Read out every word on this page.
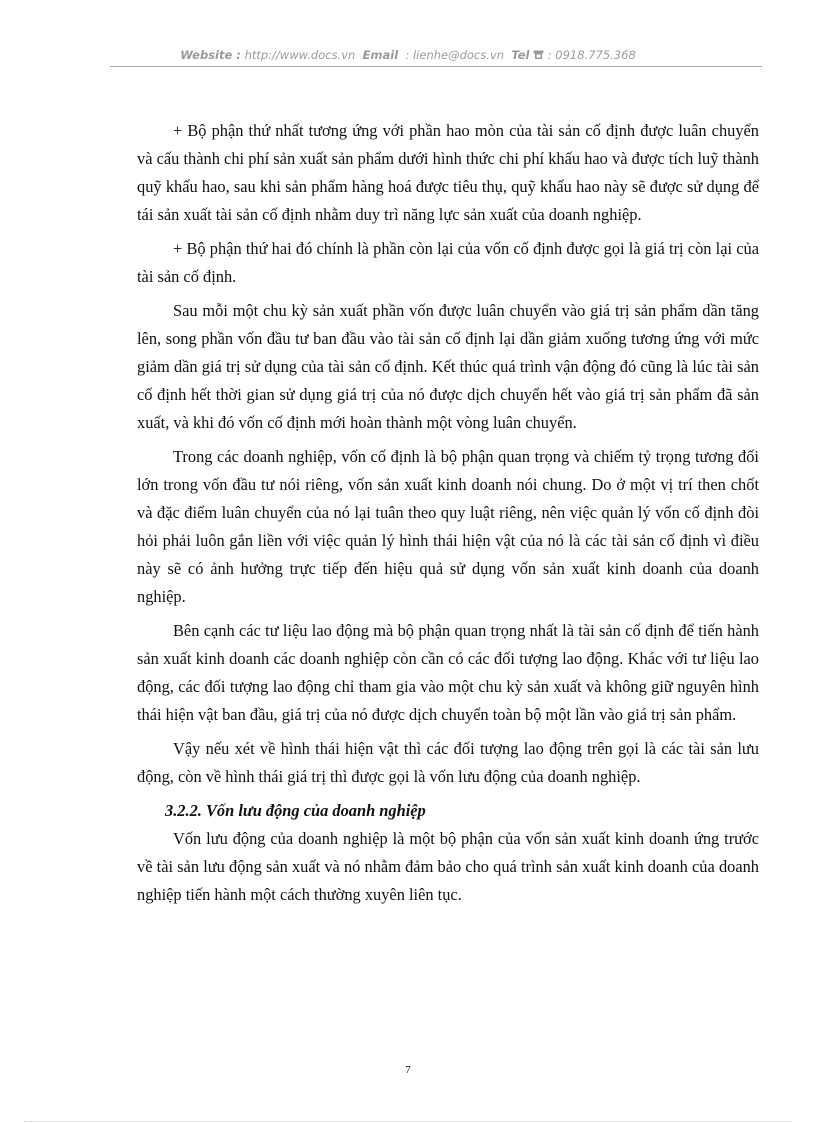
Website : http://www.docs.vn Email : lienhe@docs.vn Tel : 0918.775.368

+ Bộ phận thứ nhất tương ứng với phần hao mòn của tài sản cố định được luân chuyển và cấu thành chi phí sản xuất sản phẩm dưới hình thức chi phí khấu hao và được tích luỹ thành quỹ khấu hao, sau khi sản phẩm hàng hoá được tiêu thụ, quỹ khấu hao này sẽ được sử dụng để tái sản xuất tài sản cố định nhằm duy trì năng lực sản xuất của doanh nghiệp.

+ Bộ phận thứ hai đó chính là phần còn lại của vốn cố định được gọi là giá trị còn lại của tài sản cố định.

Sau mỗi một chu kỳ sản xuất phần vốn được luân chuyển vào giá trị sản phẩm dần tăng lên, song phần vốn đầu tư ban đầu vào tài sản cố định lại dần giảm xuống tương ứng với mức giảm dần giá trị sử dụng của tài sản cố định. Kết thúc quá trình vận động đó cũng là lúc tài sản cố định hết thời gian sử dụng giá trị của nó được dịch chuyển hết vào giá trị sản phẩm đã sản xuất, và khi đó vốn cố định mới hoàn thành một vòng luân chuyển.

Trong các doanh nghiệp, vốn cố định là bộ phận quan trọng và chiếm tỷ trọng tương đối lớn trong vốn đầu tư nói riêng, vốn sản xuất kinh doanh nói chung. Do ở một vị trí then chốt và đặc điểm luân chuyển của nó lại tuân theo quy luật riêng, nên việc quản lý vốn cố định đòi hỏi phải luôn gắn liền với việc quản lý hình thái hiện vật của nó là các tài sản cố định vì điều này sẽ có ảnh hưởng trực tiếp đến hiệu quả sử dụng vốn sản xuất kinh doanh của doanh nghiệp.

Bên cạnh các tư liệu lao động mà bộ phận quan trọng nhất là tài sản cố định để tiến hành sản xuất kinh doanh các doanh nghiệp còn cần có các đối tượng lao động. Khác với tư liệu lao động, các đối tượng lao động chỉ tham gia vào một chu kỳ sản xuất và không giữ nguyên hình thái hiện vật ban đầu, giá trị của nó được dịch chuyển toàn bộ một lần vào giá trị sản phẩm.

Vậy nếu xét về hình thái hiện vật thì các đối tượng lao động trên gọi là các tài sản lưu động, còn về hình thái giá trị thì được gọi là vốn lưu động của doanh nghiệp.

3.2.2. Vốn lưu động của doanh nghiệp

Vốn lưu động của doanh nghiệp là một bộ phận của vốn sản xuất kinh doanh ứng trước về tài sản lưu động sản xuất và nó nhằm đảm bảo cho quá trình sản xuất kinh doanh của doanh nghiệp tiến hành một cách thường xuyên liên tục.

7
